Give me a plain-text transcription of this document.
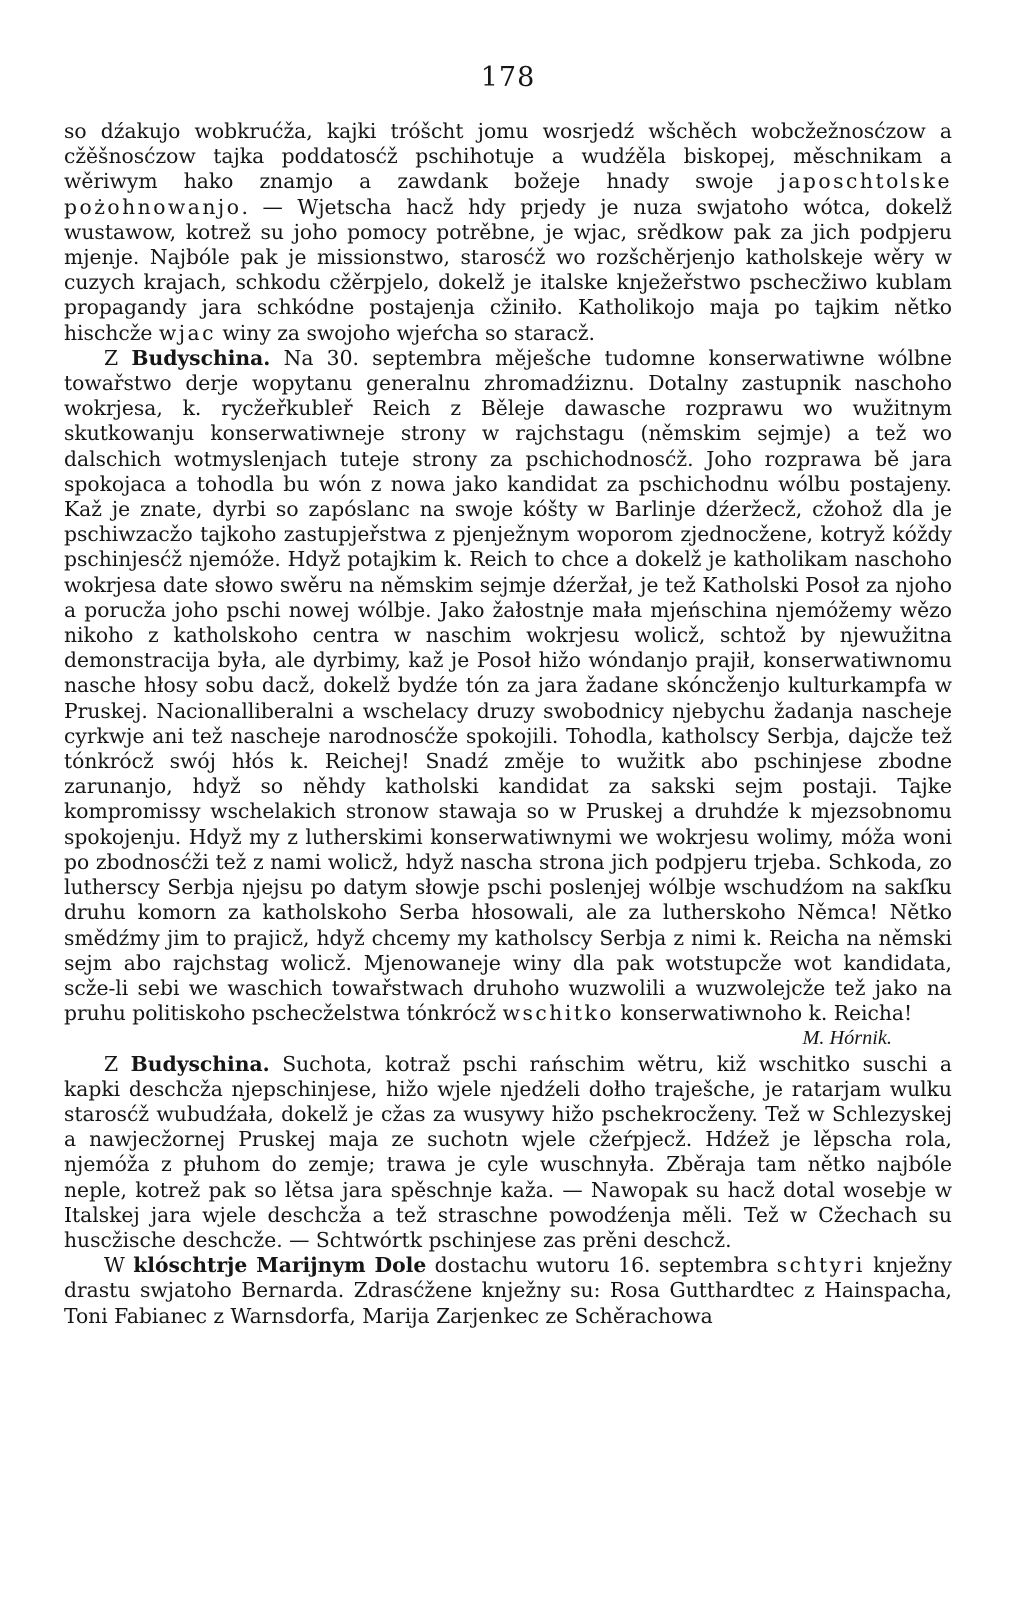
178

so dźakujo wobkrućža, kajki tróšcht jomu wosrjedź wšchěch wobcžežnosćzow a cžěšnosćzow tajka poddatosćž pschihotuje a wudźěla biskopej, měschnikam a wěriwym hako znamjo a zawdank božeje hnady swoje japoschtolske pożohnowanjo. — Wjetscha hacž hdy prjedy je nuza swjatoho wótca, dokelž wustawow, kotrež su joho pomocy potrěbne, je wjac, srědkow pak za jich podpjeru mjenje. Najbóle pak je missionstwo, starosćž wo rozšchěrjenjo katholskeje wěry w cuzych krajach, schkodu cžěrpjelo, dokelž je italske knježeřstwo pschecžiwo kublam propagandy jara schkódne postajenja cžiniło. Katholikojo maja po tajkim nětko hischcže wjac winy za swojoho wjeŕcha so staracž.

Z Budyschina. Na 30. septembra měješche tudomne konserwatiwne wólbne towařstwo derje wopytanu generalnu zhromadźiznu. Dotalny zastupnik naschoho wokrjesa, k. rycžeřkubleř Reich z Bělejе dawasche rozprawu wo wužitnym skutkowanju konserwatiwneje strony w rajchstagu (němskim sejmje) a tež wo dalschich wotmyslenjach tuteje strony za pschichodnosćž. Joho rozprawa bě jara spokojaca a tohodla bu wón z nowa jako kandidat za pschichodnu wólbu postajeny. Kaž je znate, dyrbi so zapóslanc na swoje kóšty w Barlinje dźeržecž, cžohož dla je pschiwzacžo tajkoho zastupjeřstwa z pjenježnym woporom zjednocžene, kotryž kóždy pschinjesćž njemóže. Hdyž potajkim k. Reich to chce a dokelž je katholikam naschoho wokrjesa date słowo swěru na němskim sejmje dźeržał, je tež Katholski Posoł za njoho a porucža joho pschi nowej wólbje. Jako žałostnje mała mjeńschina njemóžemy wězo nikoho z katholskoho centra w naschim wokrjesu wolicž, schtož by njewužitna demonstracija była, ale dyrbimy, kaž je Posoł hižo wóndanjo prajił, konserwatiwnomu nasche hłosy sobu dacž, dokelž bydźe tón za jara žadane skóncženjo kulturkampfa w Pruskej. Nacionalliberalni a wschelacy druzy swobodnicy njebychu žadanja naschеje cyrkwje ani tež naschеje narodnosćže spokojili. Tohodla, katholscy Serbja, dajcže tež tónkrócž swój hłós k. Reichej! Snadź změje to wužitk abo pschinjese zbodne zarunanjo, hdyž so něhdy katholski kandidat za sakski sejm postaji. Tajke kompromissy wschelakich stronow stawaja so w Pruskej a druhdźe k mjezsobnomu spokojenju. Hdyž my z lutherskimi konserwatiwnymi we wokrjesu wolimy, móža woni po zbodnosćži tež z nami wolicž, hdyž nascha strona jich podpjeru trjeba. Schkoda, zo lutherscy Serbja njejsu po datym słowje pschi poslenjej wólbje wschudźom na sakſku druhu komorn za katholskoho Serba hłosowali, ale za lutherskoho Němca! Nětko smědźmy jim to prajicž, hdyž chcemy my katholscy Serbja z nimi k. Reicha na němski sejm abo rajchstag wolicž. Mjenowaneje winy dla pak wotstupcže wot kandidata, scže-li sebi we waschich towařstwach druhoho wuzwolili a wuzwolejcže tež jako na pruhu politiskoho pschecželstwa tónkrócž wschitko konserwatiwnoho k. Reicha!
M. Hórnik.

Z Budyschina. Suchota, kotraž pschi rańschim wětru, kiž wschitko suschi a kapki deschcža njepschinjese, hižo wjele njedźeli dołho traješche, je ratarjam wulku starosćž wubudźała, dokelž je cžas za wusywy hižo pschekrocženy. Tež w Schlezyskej a nawjecžornej Pruskej maja ze suchotn wjele cžeŕpjecž. Hdźež je lěpscha rola, njemóža z płuhom do zemje; trawa je cyle wuschnyła. Zběraja tam nětko najbóle neple, kotrež pak so lětsa jara spěschnje kaža. — Nawopak su hacž dotal wosebje w Italskej jara wjele deschcža a tež straschne powodźenja měli. Tež w Cžechach su huscžische deschcže. — Schtwórtk pschinjese zas prěni deschcž.

W klóschtrje Marijnym Dole dostachu wutoru 16. septembra schtyri knježny drastu swjatoho Bernarda. Zdrasćžene knježny su: Rosa Gutthardtec z Hainspacha, Toni Fabianec z Warnsdorfa, Marija Zarjenkec ze Schěrachowa
